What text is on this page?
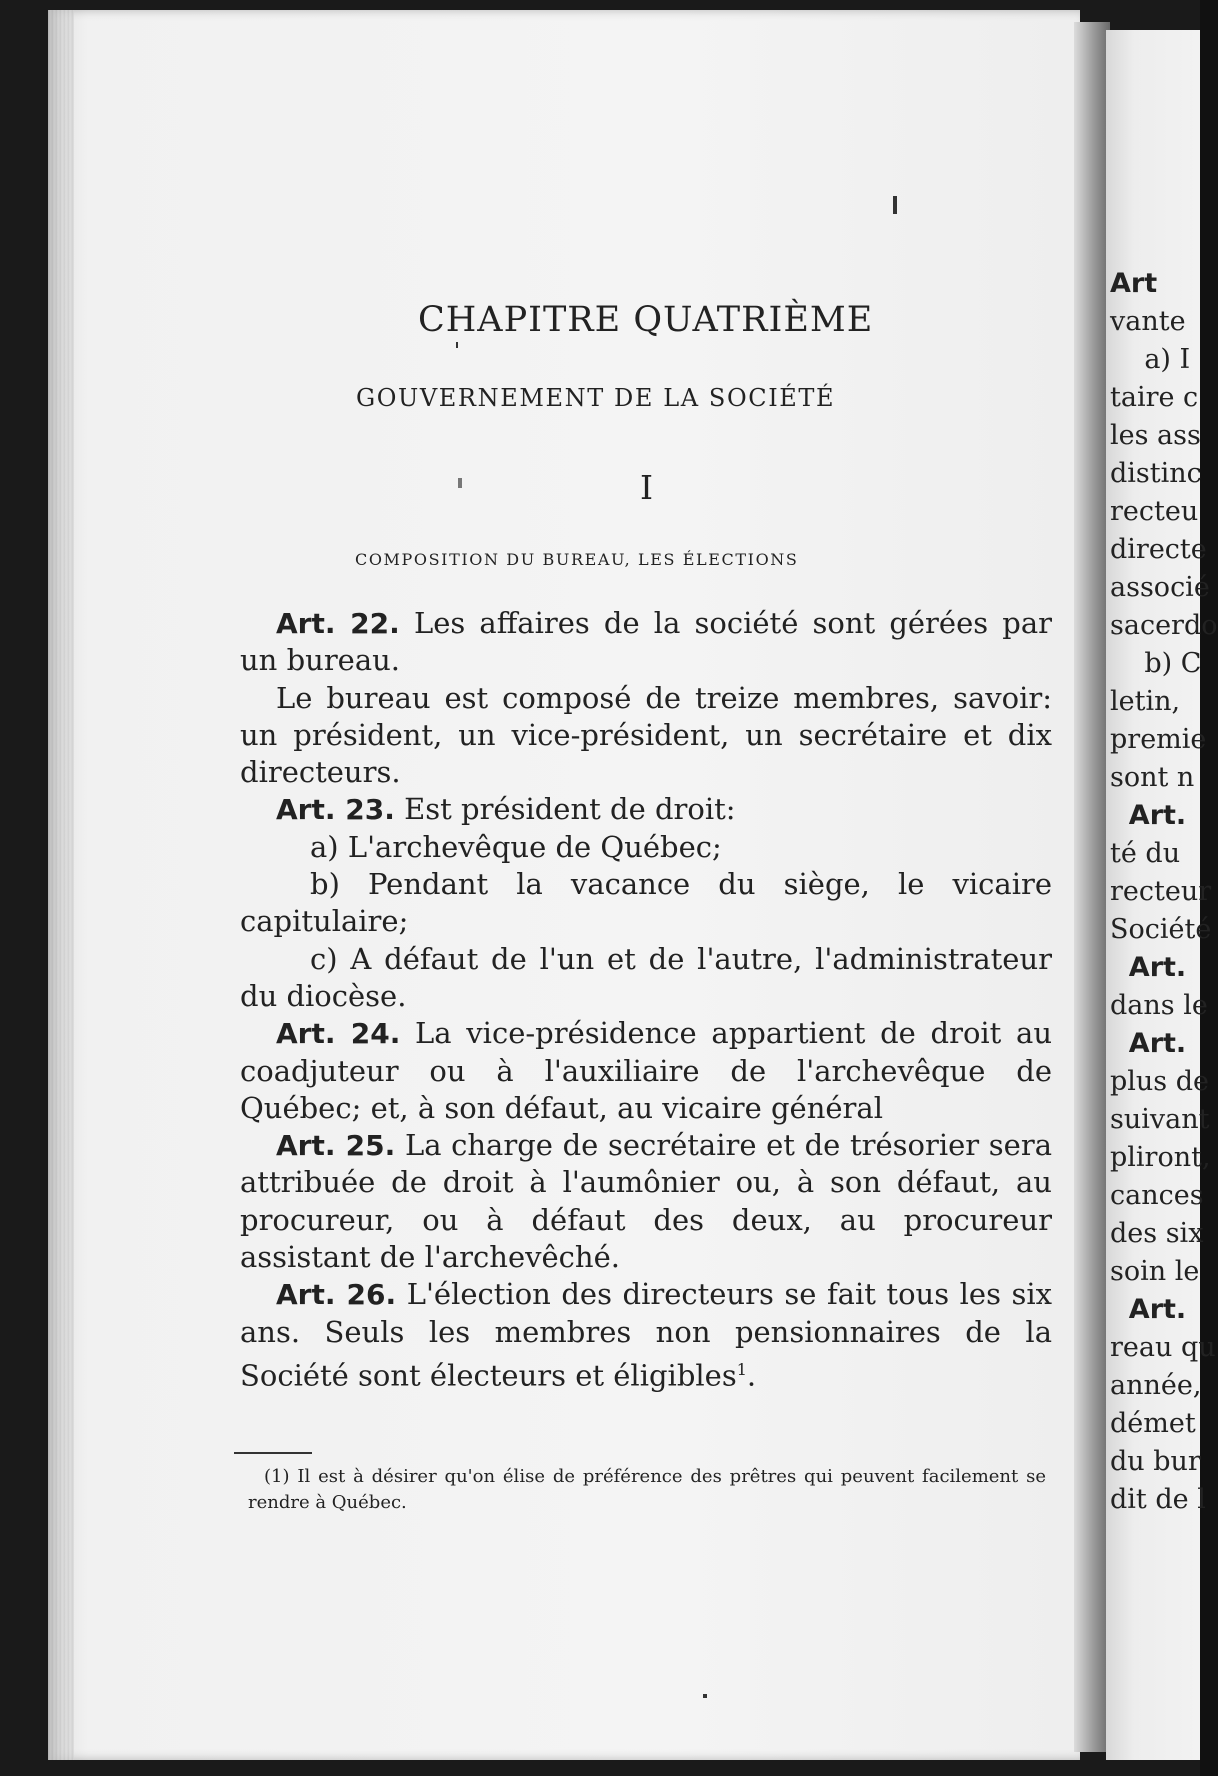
Art
vante
a) I
taire c
les ass
distinc
recteu
directe
associé
sacerdo
b) C
letin,
premie
sont n
Art.
té du
recteur
Société
Art.
dans le
Art.
plus de
suivant
pliront,
cances
des six
soin le
Art.
reau qu
année,
démet
du bur
dit de l
CHAPITRE QUATRIÈME
GOUVERNEMENT DE LA SOCIÉTÉ
I
COMPOSITION DU BUREAU, LES ÉLECTIONS

Art. 22. Les affaires de la société sont gérées par un bureau.

Le bureau est composé de treize membres, savoir: un président, un vice-président, un secrétaire et dix directeurs.

Art. 23. Est président de droit:

a) L'archevêque de Québec;

b) Pendant la vacance du siège, le vicaire capitulaire;

c) A défaut de l'un et de l'autre, l'administrateur du diocèse.

Art. 24. La vice-présidence appartient de droit au coadjuteur ou à l'auxiliaire de l'archevêque de Québec; et, à son défaut, au vicaire général

Art. 25. La charge de secrétaire et de trésorier sera attribuée de droit à l'aumônier ou, à son défaut, au procureur, ou à défaut des deux, au procureur assistant de l'archevêché.

Art. 26. L'élection des directeurs se fait tous les six ans. Seuls les membres non pensionnaires de la Société sont électeurs et éligibles$^1$.

(1) Il est à désirer qu'on élise de préférence des prêtres qui peuvent facilement se rendre à Québec.
